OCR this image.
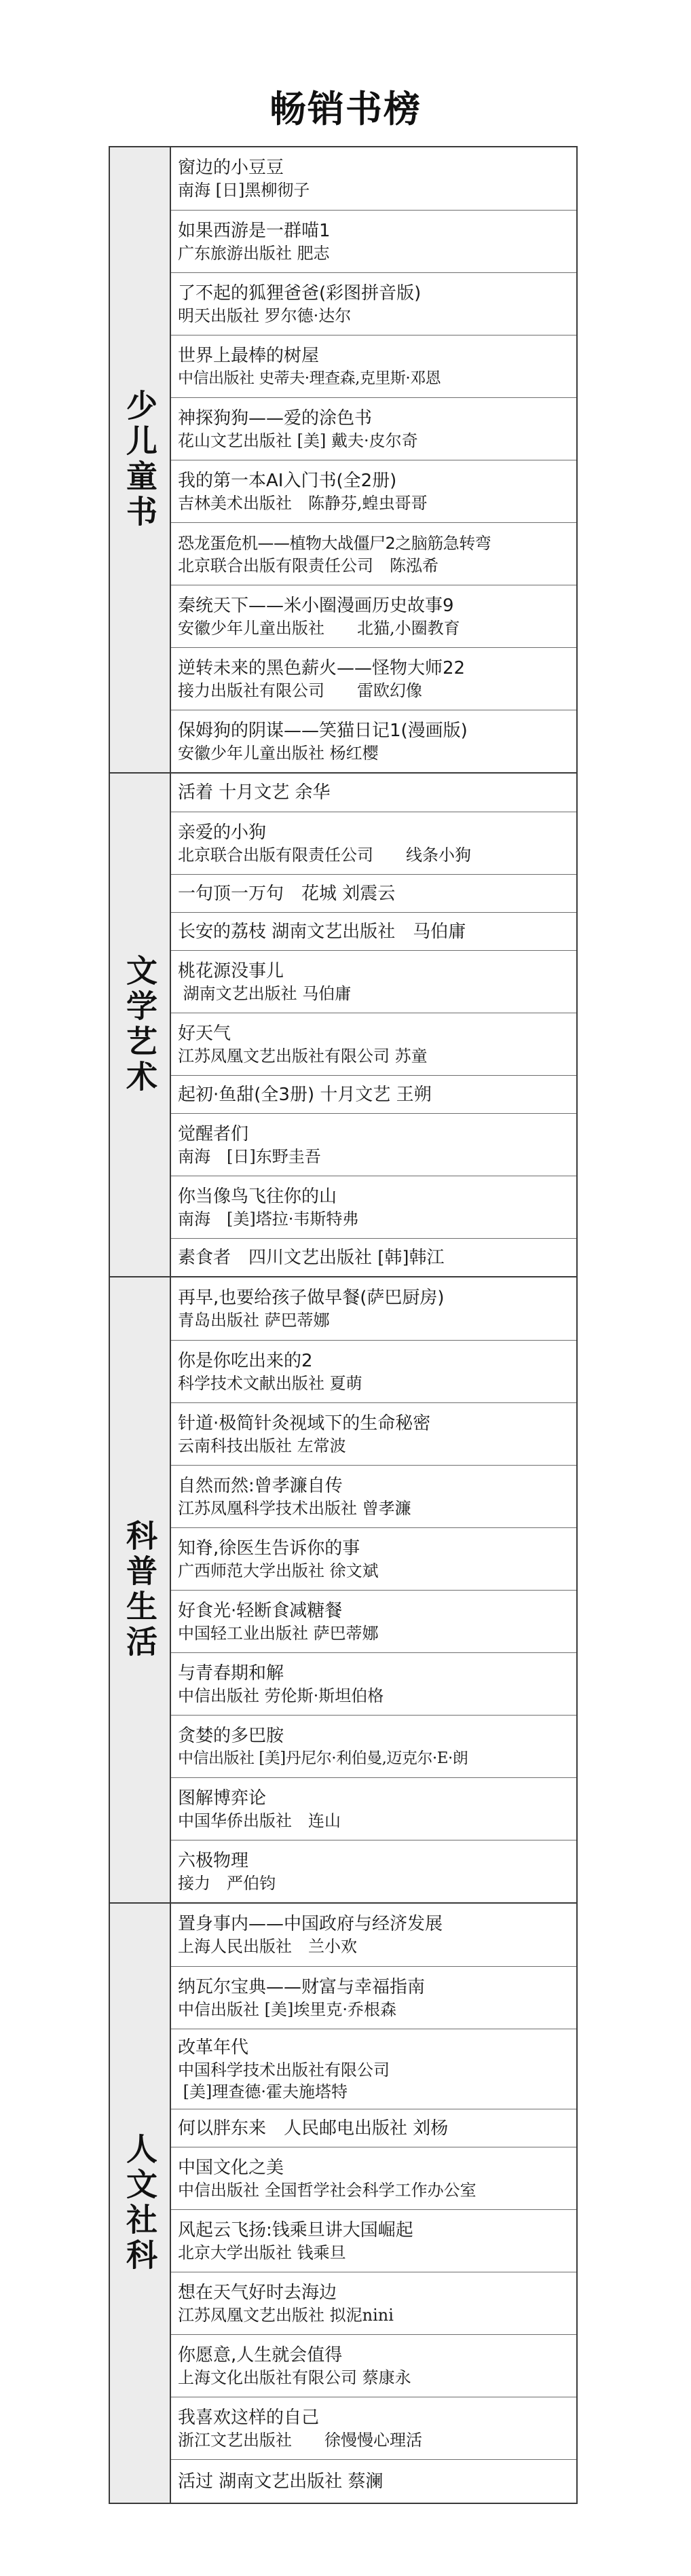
畅销书榜
少儿童书
窗边的小豆豆
南海 [日]黑柳彻子
如果西游是一群喵1
广东旅游出版社 肥志
了不起的狐狸爸爸(彩图拼音版)
明天出版社 罗尔德·达尔
世界上最棒的树屋
中信出版社 史蒂夫·理查森,克里斯·邓恩
神探狗狗——爱的涂色书
花山文艺出版社 [美] 戴夫·皮尔奇
我的第一本AI入门书(全2册)
吉林美术出版社　陈静芬,蝗虫哥哥
恐龙蛋危机——植物大战僵尸2之脑筋急转弯
北京联合出版有限责任公司　陈泓希
秦统天下——米小圈漫画历史故事9
安徽少年儿童出版社　　北猫,小圈教育
逆转未来的黑色薪火——怪物大师22
接力出版社有限公司　　雷欧幻像
保姆狗的阴谋——笑猫日记1(漫画版)
安徽少年儿童出版社 杨红樱
文学艺术
活着 十月文艺 余华
亲爱的小狗
北京联合出版有限责任公司　　线条小狗
一句顶一万句　花城 刘震云
长安的荔枝 湖南文艺出版社　马伯庸
桃花源没事儿
湖南文艺出版社 马伯庸
好天气
江苏凤凰文艺出版社有限公司 苏童
起初·鱼甜(全3册) 十月文艺 王朔
觉醒者们
南海　[日]东野圭吾
你当像鸟飞往你的山
南海　[美]塔拉·韦斯特弗
素食者　四川文艺出版社 [韩]韩江
科普生活
再早,也要给孩子做早餐(萨巴厨房)
青岛出版社 萨巴蒂娜
你是你吃出来的2
科学技术文献出版社 夏萌
针道·极简针灸视域下的生命秘密
云南科技出版社 左常波
自然而然:曾孝濂自传
江苏凤凰科学技术出版社 曾孝濂
知脊,徐医生告诉你的事
广西师范大学出版社 徐文斌
好食光·轻断食减糖餐
中国轻工业出版社 萨巴蒂娜
与青春期和解
中信出版社 劳伦斯·斯坦伯格
贪婪的多巴胺
中信出版社 [美]丹尼尔·利伯曼,迈克尔·E·朗
图解博弈论
中国华侨出版社　连山
六极物理
接力　严伯钧
人文社科
置身事内——中国政府与经济发展
上海人民出版社　兰小欢
纳瓦尔宝典——财富与幸福指南
中信出版社 [美]埃里克·乔根森
改革年代
中国科学技术出版社有限公司
[美]理查德·霍夫施塔特
何以胖东来　人民邮电出版社 刘杨
中国文化之美
中信出版社 全国哲学社会科学工作办公室
风起云飞扬:钱乘旦讲大国崛起
北京大学出版社 钱乘旦
想在天气好时去海边
江苏凤凰文艺出版社 拟泥nini
你愿意,人生就会值得
上海文化出版社有限公司 蔡康永
我喜欢这样的自己
浙江文艺出版社　　徐慢慢心理活
活过 湖南文艺出版社 蔡澜
